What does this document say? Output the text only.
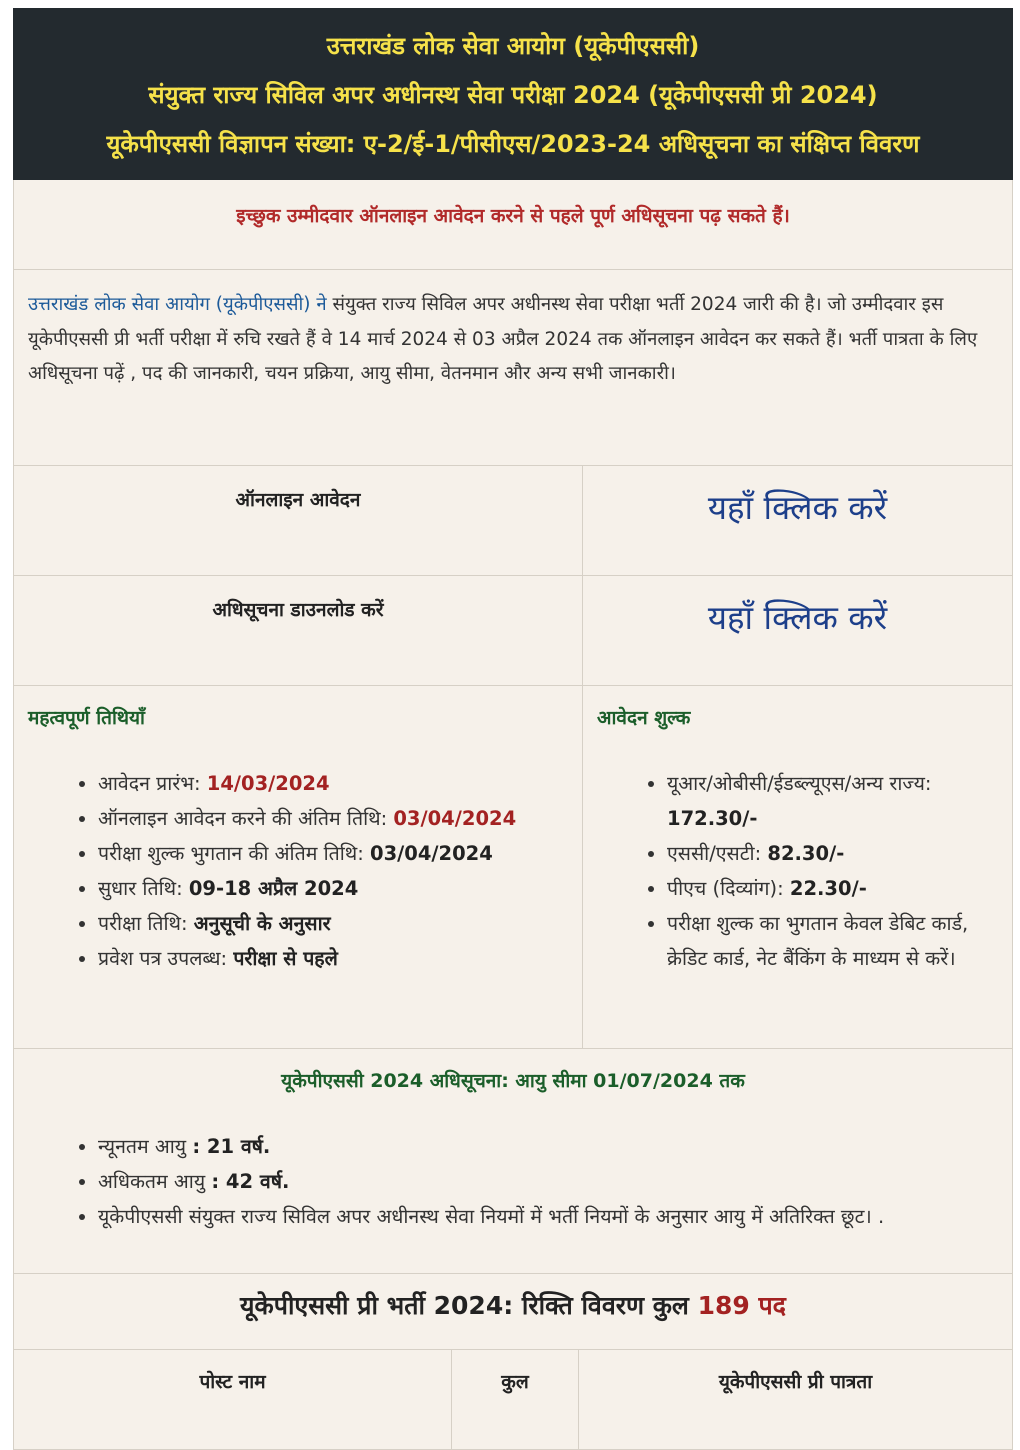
उत्तराखंड लोक सेवा आयोग (यूकेपीएससी)
संयुक्त राज्य सिविल अपर अधीनस्थ सेवा परीक्षा 2024 (यूकेपीएससी प्री 2024)
यूकेपीएससी विज्ञापन संख्या: ए-2/ई-1/पीसीएस/2023-24 अधिसूचना का संक्षिप्त विवरण
इच्छुक उम्मीदवार ऑनलाइन आवेदन करने से पहले पूर्ण अधिसूचना पढ़ सकते हैं।
उत्तराखंड लोक सेवा आयोग (यूकेपीएससी) ने संयुक्त राज्य सिविल अपर अधीनस्थ सेवा परीक्षा भर्ती 2024 जारी की है। जो उम्मीदवार इस यूकेपीएससी प्री भर्ती परीक्षा में रुचि रखते हैं वे 14 मार्च 2024 से 03 अप्रैल 2024 तक ऑनलाइन आवेदन कर सकते हैं। भर्ती पात्रता के लिए अधिसूचना पढ़ें , पद की जानकारी, चयन प्रक्रिया, आयु सीमा, वेतनमान और अन्य सभी जानकारी।
ऑनलाइन आवेदन	यहाँ क्लिक करें
अधिसूचना डाउनलोड करें	यहाँ क्लिक करें
महत्वपूर्ण तिथियाँ
• आवेदन प्रारंभ: 14/03/2024
• ऑनलाइन आवेदन करने की अंतिम तिथि: 03/04/2024
• परीक्षा शुल्क भुगतान की अंतिम तिथि: 03/04/2024
• सुधार तिथि: 09-18 अप्रैल 2024
• परीक्षा तिथि: अनुसूची के अनुसार
• प्रवेश पत्र उपलब्ध: परीक्षा से पहले
आवेदन शुल्क
• यूआर/ओबीसी/ईडब्ल्यूएस/अन्य राज्य: 172.30/-
• एससी/एसटी: 82.30/-
• पीएच (दिव्यांग): 22.30/-
• परीक्षा शुल्क का भुगतान केवल डेबिट कार्ड, क्रेडिट कार्ड, नेट बैंकिंग के माध्यम से करें।
यूकेपीएससी 2024 अधिसूचना: आयु सीमा 01/07/2024 तक
• न्यूनतम आयु : 21 वर्ष.
• अधिकतम आयु : 42 वर्ष.
• यूकेपीएससी संयुक्त राज्य सिविल अपर अधीनस्थ सेवा नियमों में भर्ती नियमों के अनुसार आयु में अतिरिक्त छूट। .
यूकेपीएससी प्री भर्ती 2024: रिक्ति विवरण कुल 189 पद
पोस्ट नाम	कुल	यूकेपीएससी प्री पात्रता
